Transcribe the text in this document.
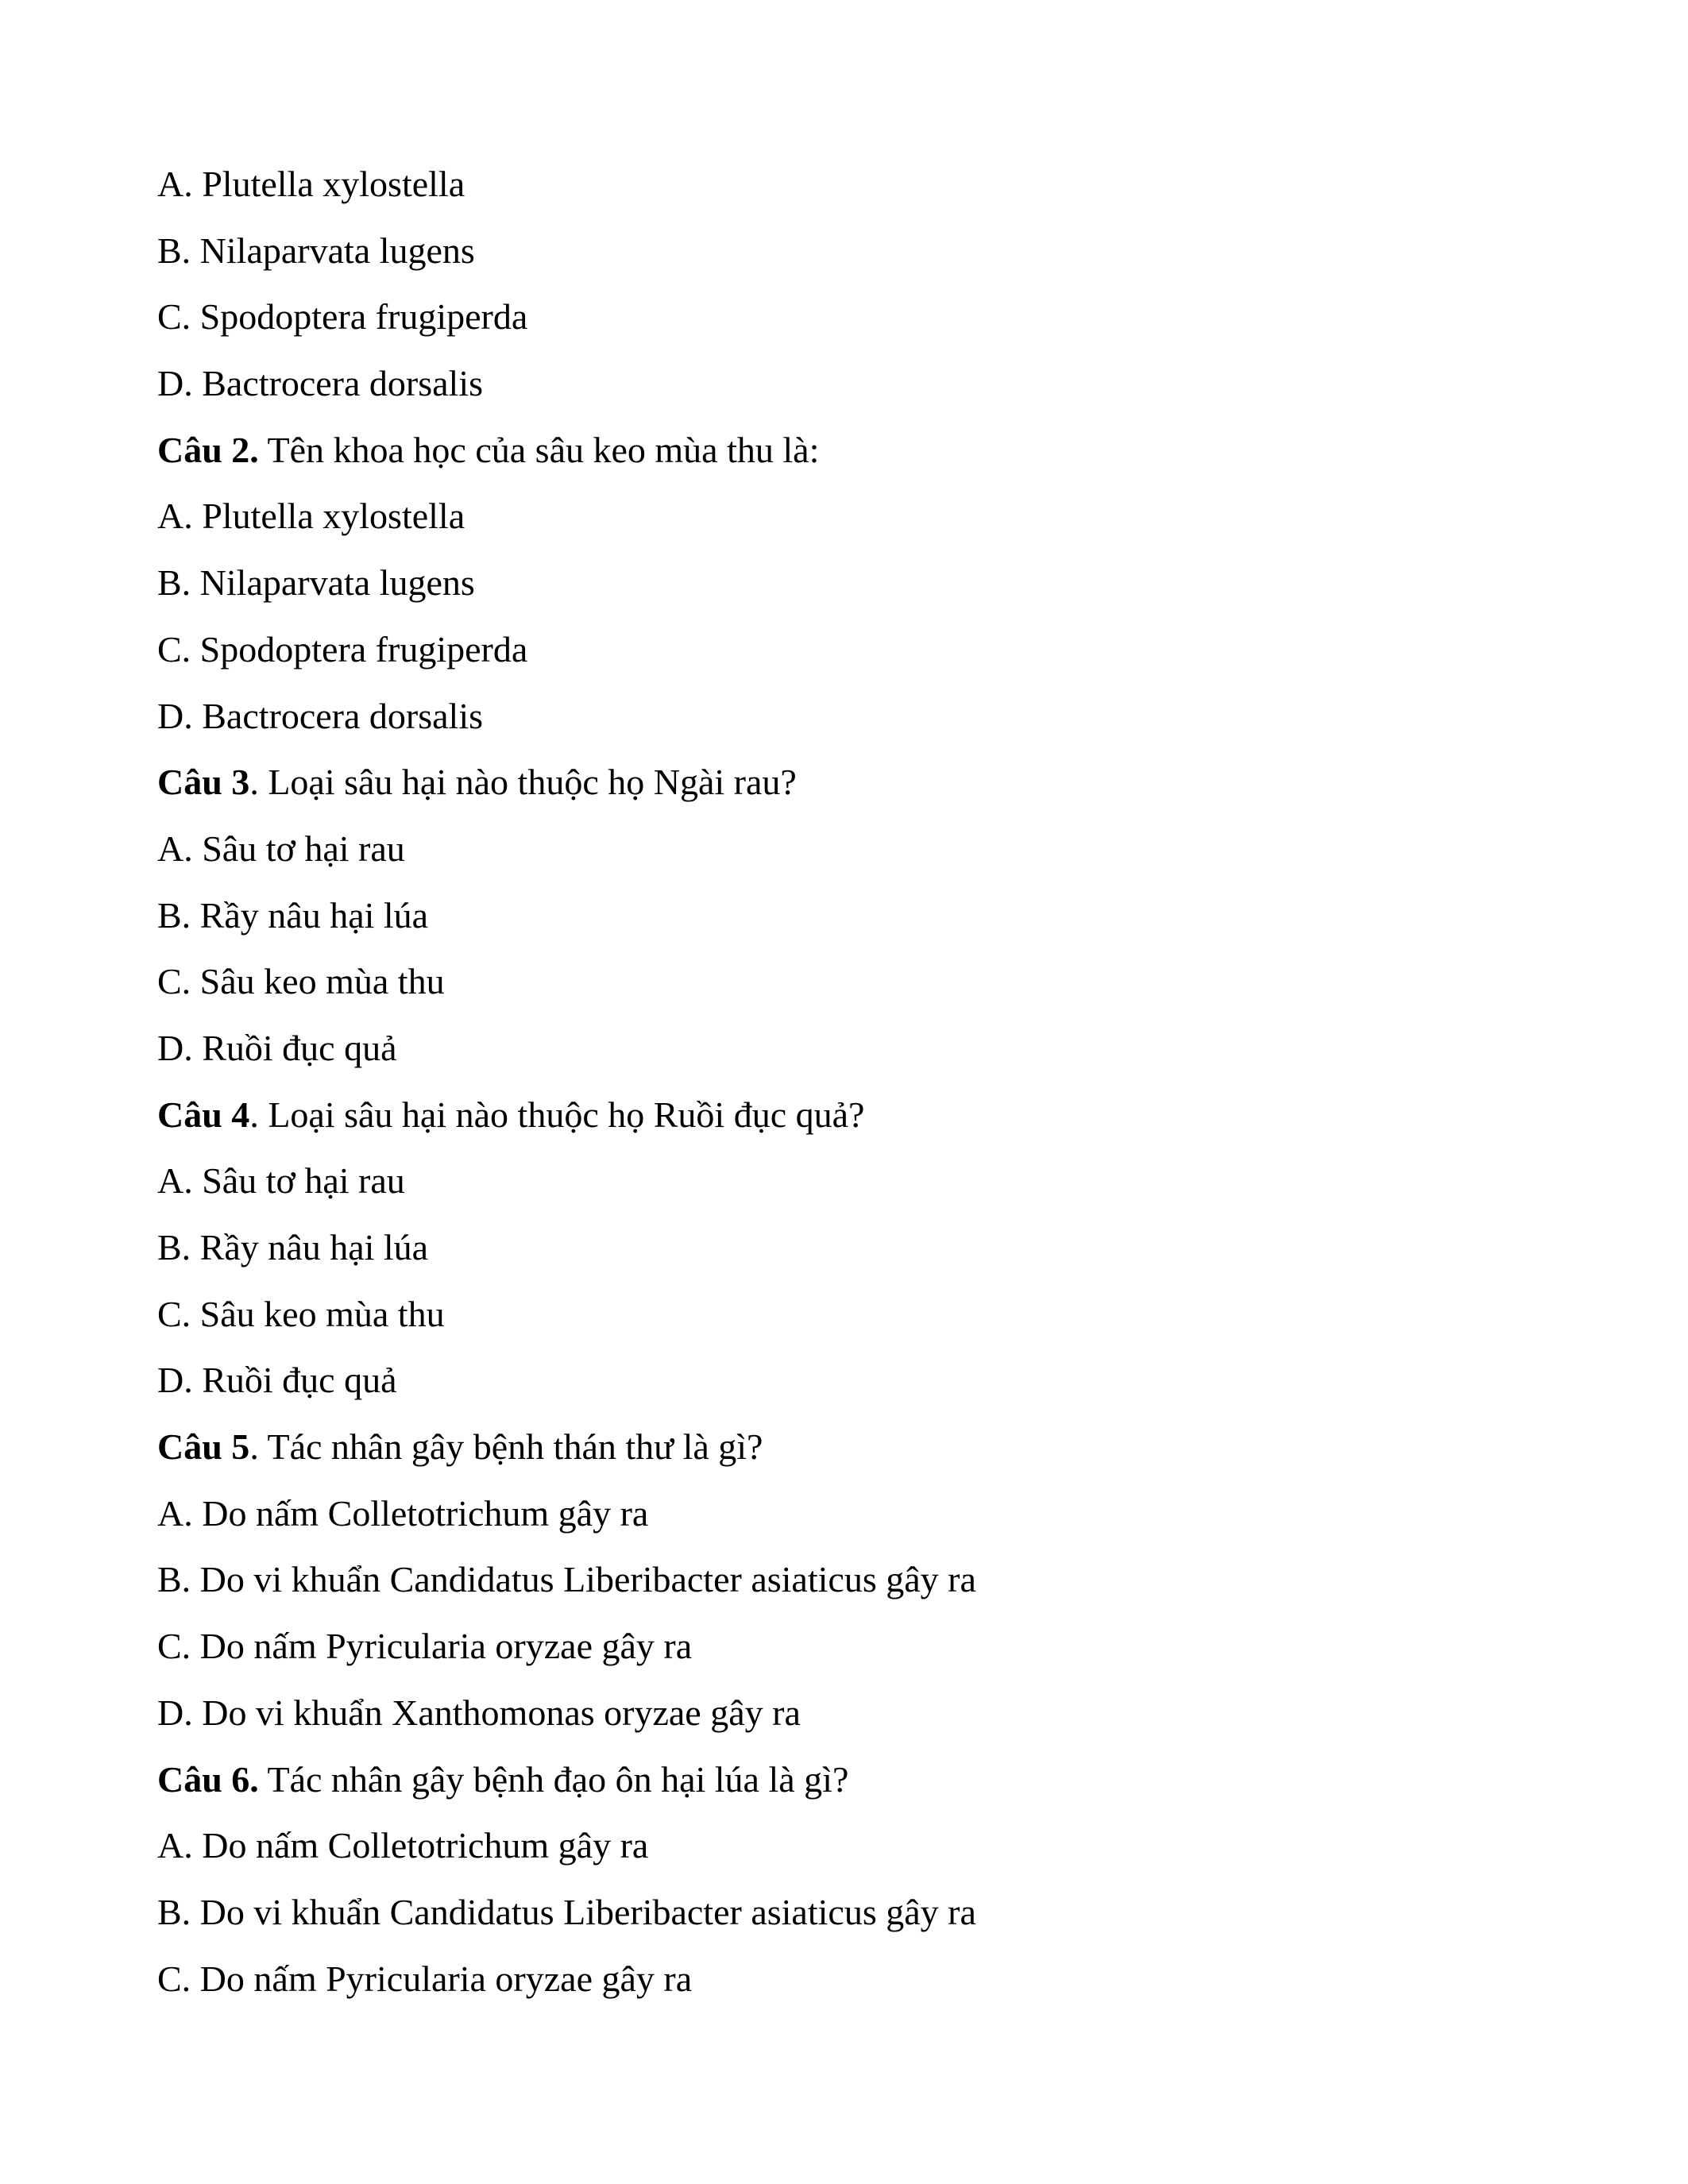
A. Plutella xylostella
B. Nilaparvata lugens
C. Spodoptera frugiperda
D. Bactrocera dorsalis
Câu 2. Tên khoa học của sâu keo mùa thu là:
A. Plutella xylostella
B. Nilaparvata lugens
C. Spodoptera frugiperda
D. Bactrocera dorsalis
Câu 3. Loại sâu hại nào thuộc họ Ngài rau?
A. Sâu tơ hại rau
B. Rầy nâu hại lúa
C. Sâu keo mùa thu
D. Ruồi đục quả
Câu 4. Loại sâu hại nào thuộc họ Ruồi đục quả?
A. Sâu tơ hại rau
B. Rầy nâu hại lúa
C. Sâu keo mùa thu
D. Ruồi đục quả
Câu 5. Tác nhân gây bệnh thán thư là gì?
A. Do nấm Colletotrichum gây ra
B. Do vi khuẩn Candidatus Liberibacter asiaticus gây ra
C. Do nấm Pyricularia oryzae gây ra
D. Do vi khuẩn Xanthomonas oryzae gây ra
Câu 6. Tác nhân gây bệnh đạo ôn hại lúa là gì?
A. Do nấm Colletotrichum gây ra
B. Do vi khuẩn Candidatus Liberibacter asiaticus gây ra
C. Do nấm Pyricularia oryzae gây ra
